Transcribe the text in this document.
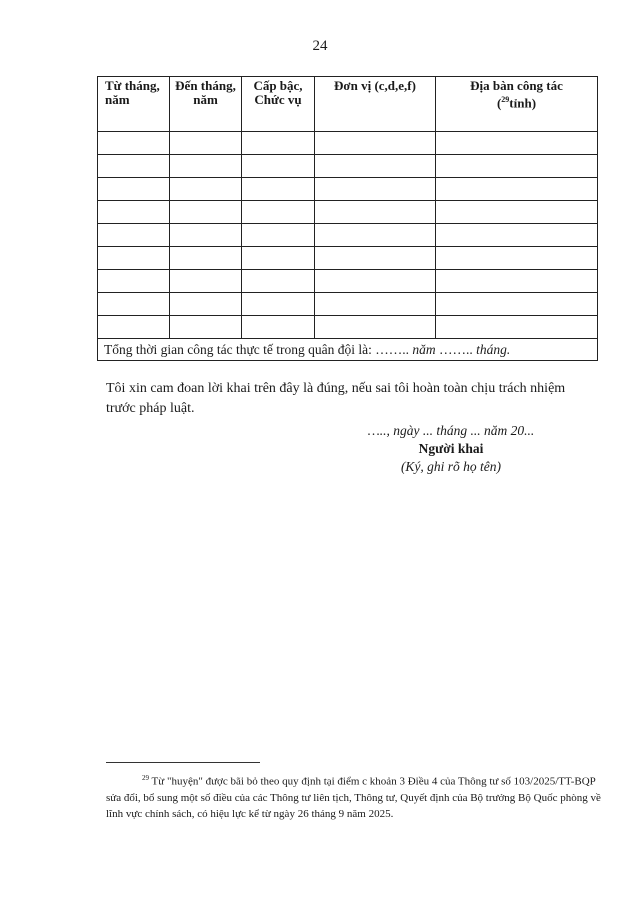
24
Từ tháng, năm	Đến tháng, năm	Cấp bậc, Chức vụ	Đơn vị (c,d,e,f)	Địa bàn công tác
($^{29}$tỉnh)

Tổng thời gian công tác thực tế trong quân đội là: …….. năm …….. tháng.				
Tôi xin cam đoan lời khai trên đây là đúng, nếu sai tôi hoàn toàn chịu trách nhiệm trước pháp luật.
….., ngày ... tháng ... năm 20...
Người khai
(Ký, ghi rõ họ tên)
$^{29}$ Từ "huyện" được bãi bỏ theo quy định tại điểm c khoản 3 Điều 4 của Thông tư số 103/2025/TT-BQP sửa đổi, bổ sung một số điều của các Thông tư liên tịch, Thông tư, Quyết định của Bộ trưởng Bộ Quốc phòng về lĩnh vực chính sách, có hiệu lực kể từ ngày 26 tháng 9 năm 2025.
